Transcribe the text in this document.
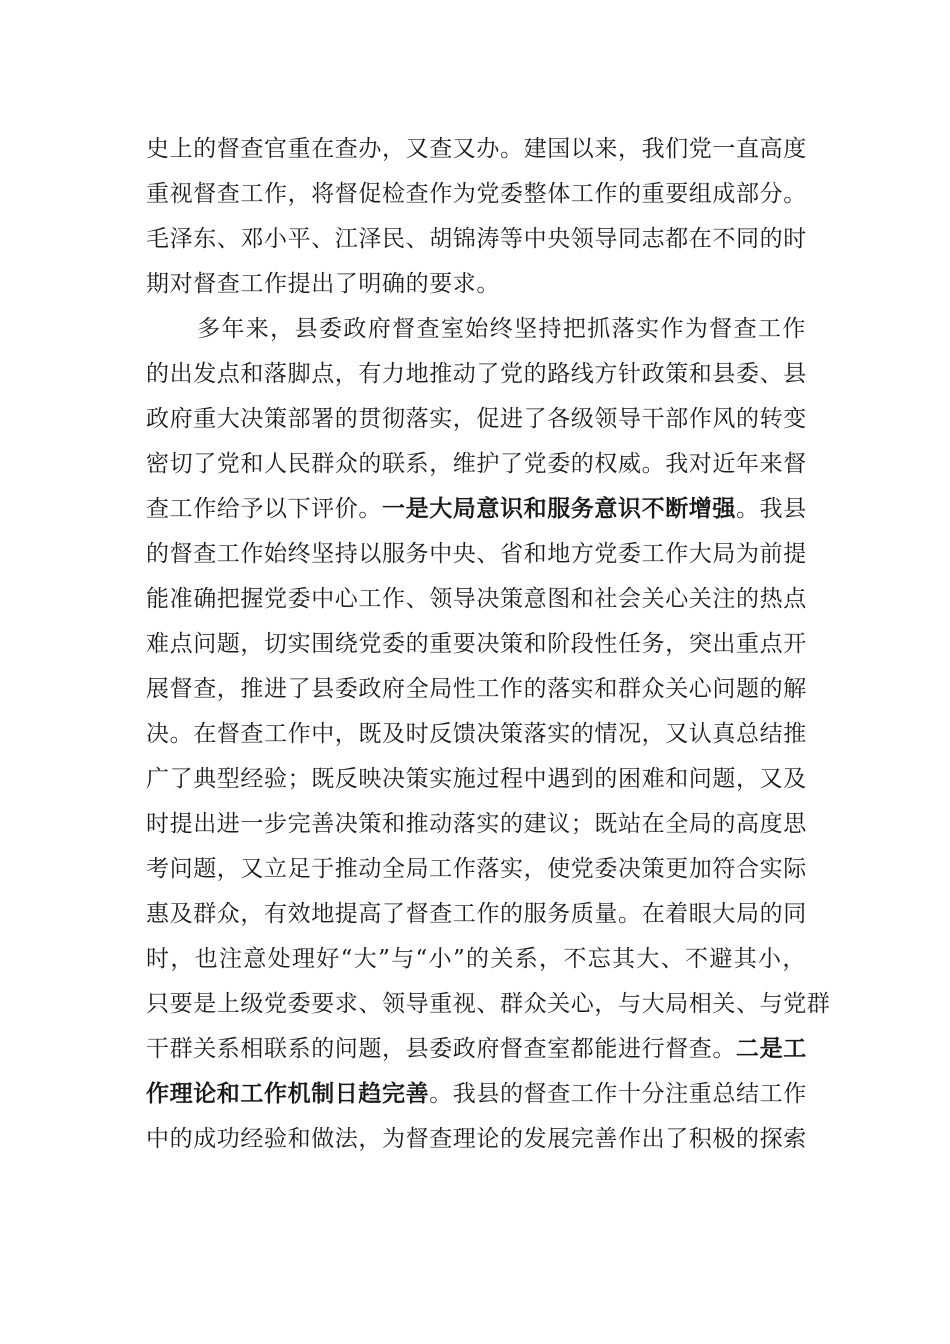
史上的督查官重在查办，又查又办。建国以来，我们党一直高度
重视督查工作，将督促检查作为党委整体工作的重要组成部分。
毛泽东、邓小平、江泽民、胡锦涛等中央领导同志都在不同的时
期对督查工作提出了明确的要求。
多年来，县委政府督查室始终坚持把抓落实作为督查工作
的出发点和落脚点，有力地推动了党的路线方针政策和县委、县
政府重大决策部署的贯彻落实，促进了各级领导干部作风的转变
密切了党和人民群众的联系，维护了党委的权威。我对近年来督
查工作给予以下评价。一是大局意识和服务意识不断增强。我县
的督查工作始终坚持以服务中央、省和地方党委工作大局为前提
能准确把握党委中心工作、领导决策意图和社会关心关注的热点
难点问题，切实围绕党委的重要决策和阶段性任务，突出重点开
展督查，推进了县委政府全局性工作的落实和群众关心问题的解
决。在督查工作中，既及时反馈决策落实的情况，又认真总结推
广了典型经验；既反映决策实施过程中遇到的困难和问题，又及
时提出进一步完善决策和推动落实的建议；既站在全局的高度思
考问题，又立足于推动全局工作落实，使党委决策更加符合实际
惠及群众，有效地提高了督查工作的服务质量。在着眼大局的同
时，也注意处理好“大”与“小”的关系，不忘其大、不避其小，
只要是上级党委要求、领导重视、群众关心，与大局相关、与党群
干群关系相联系的问题，县委政府督查室都能进行督查。二是工
作理论和工作机制日趋完善。我县的督查工作十分注重总结工作
中的成功经验和做法，为督查理论的发展完善作出了积极的探索
